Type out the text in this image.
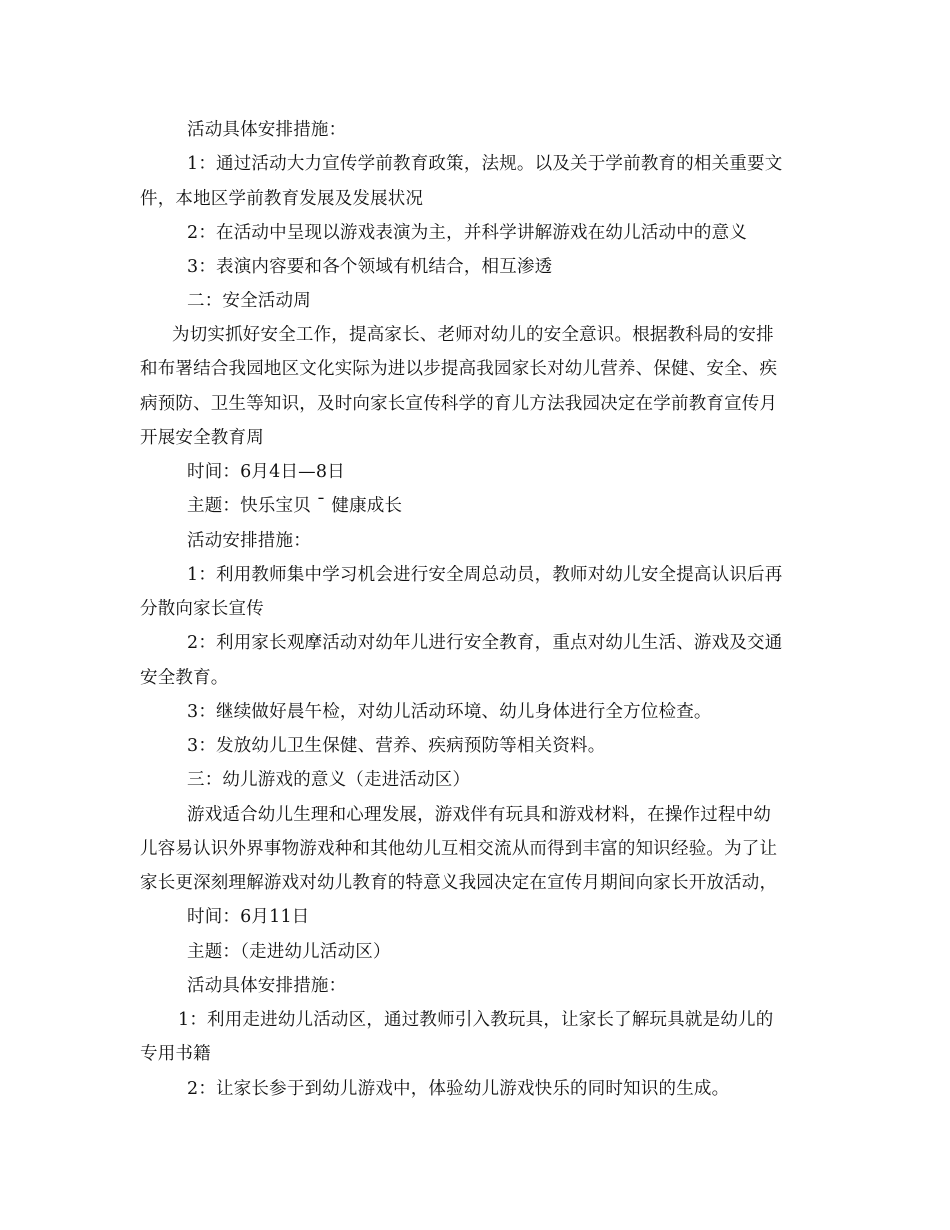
活动具体安排措施：
1：通过活动大力宣传学前教育政策，法规。以及关于学前教育的相关重要文
件，本地区学前教育发展及发展状况
2：在活动中呈现以游戏表演为主，并科学讲解游戏在幼儿活动中的意义
3：表演内容要和各个领域有机结合，相互渗透
二：安全活动周
为切实抓好安全工作，提高家长、老师对幼儿的安全意识。根据教科局的安排
和布署结合我园地区文化实际为进以步提高我园家长对幼儿营养、保健、安全、疾
病预防、卫生等知识，及时向家长宣传科学的育儿方法我园决定在学前教育宣传月
开展安全教育周
时间：6月4日—8日
主题：快乐宝贝 ¯ 健康成长
活动安排措施：
1：利用教师集中学习机会进行安全周总动员，教师对幼儿安全提高认识后再
分散向家长宣传
2：利用家长观摩活动对幼年儿进行安全教育，重点对幼儿生活、游戏及交通
安全教育。
3：继续做好晨午检，对幼儿活动环境、幼儿身体进行全方位检查。
3：发放幼儿卫生保健、营养、疾病预防等相关资料。
三：幼儿游戏的意义（走进活动区）
游戏适合幼儿生理和心理发展，游戏伴有玩具和游戏材料，在操作过程中幼
儿容易认识外界事物游戏种和其他幼儿互相交流从而得到丰富的知识经验。为了让
家长更深刻理解游戏对幼儿教育的特意义我园决定在宣传月期间向家长开放活动，
时间：6月11日
主题：（走进幼儿活动区）
活动具体安排措施：
1：利用走进幼儿活动区，通过教师引入教玩具，让家长了解玩具就是幼儿的
专用书籍
2：让家长参于到幼儿游戏中，体验幼儿游戏快乐的同时知识的生成。
